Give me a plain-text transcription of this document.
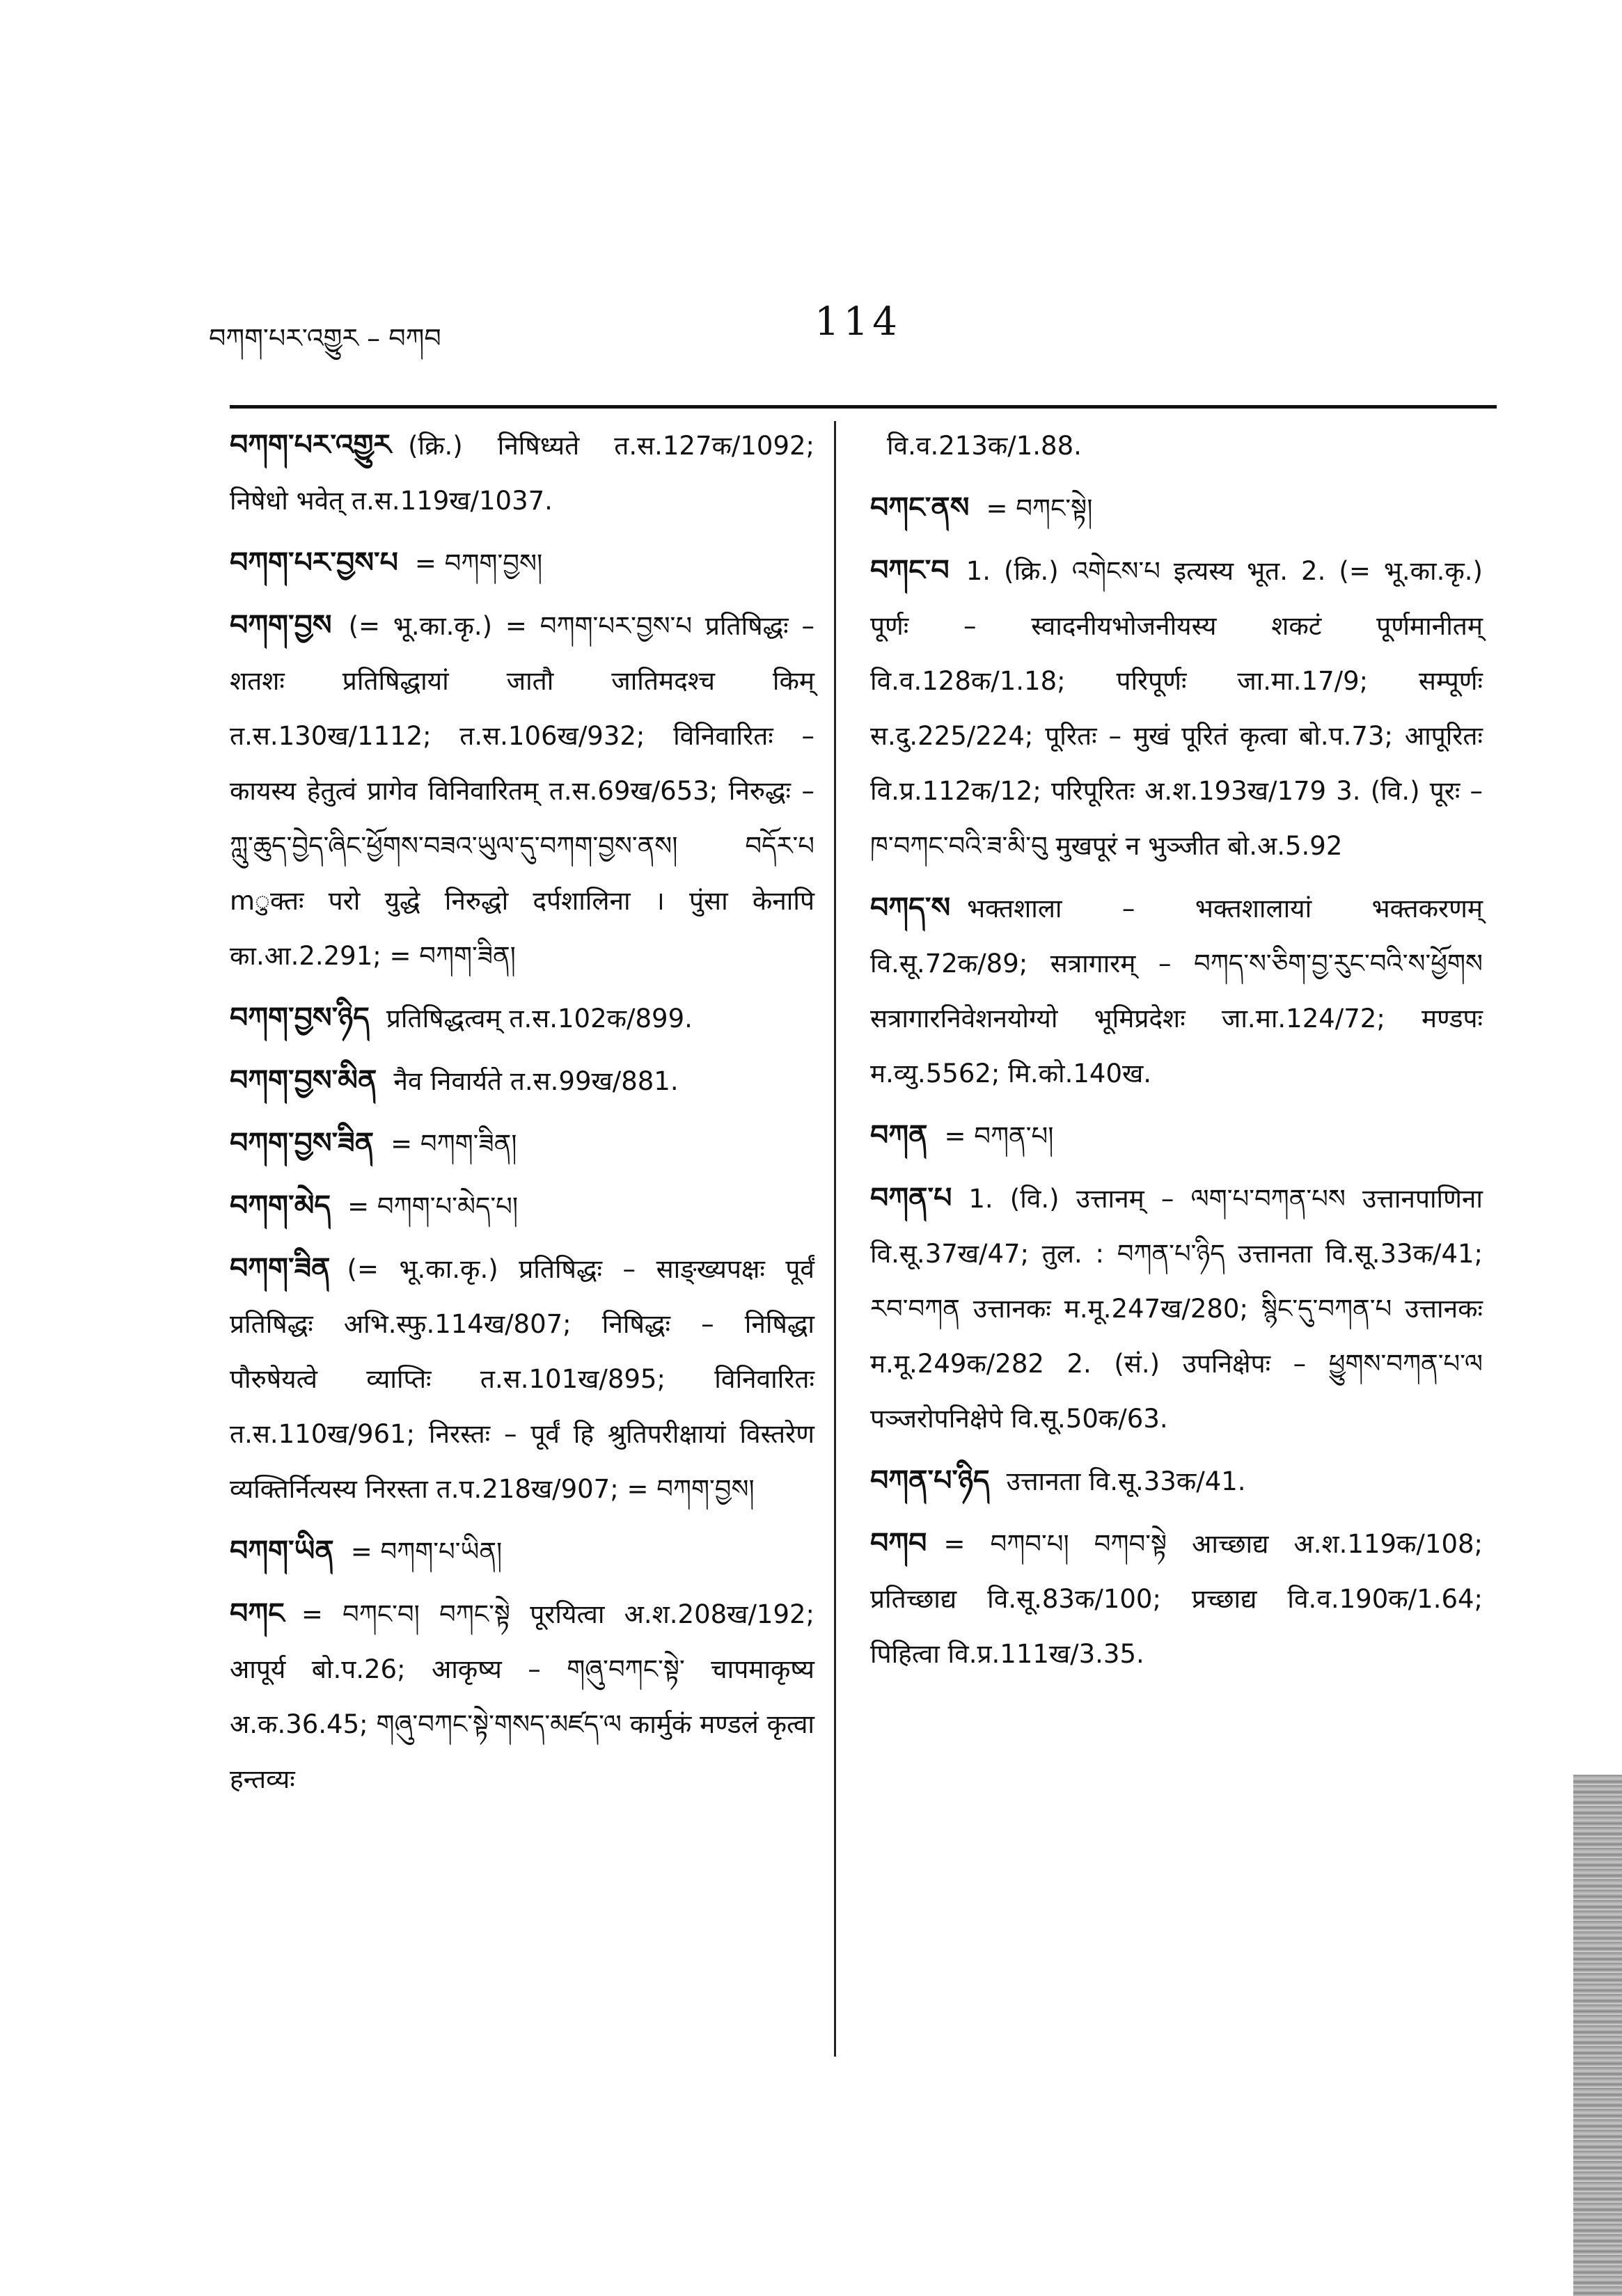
བཀག་པར་འགྱུར – བཀབ	114

བཀག་པར་འགྱུར (क्रि.) निषिध्यते त.स.127क/1092; निषेधो भवेत् त.स.119ख/1037.

བཀག་པར་བྱས་པ = བཀག་བྱས།

བཀག་བྱས (= भू.का.कृ.) = བཀག་པར་བྱས་པ प्रतिषिद्धः – शतशः प्रतिषिद्धायां जातौ जातिमदश्च किम् त.स.130ख/1112; त.स.106ख/932; विनिवारितः – कायस्य हेतुत्वं प्रागेव विनिवारितम् त.स.69ख/653; निरुद्धः – ཀླུ་ཆུད་བྱེད་ཞིང་ཕྱོགས་བཟའ་ཡུལ་དུ་བཀག་བྱས་ནས། བདོར་པ mुक्तः परो युद्धे निरुद्धो दर्पशालिना । पुंसा केनापि का.आ.2.291; = བཀག་ཟིན།

བཀག་བྱས་ཉིད प्रतिषिद्धत्वम् त.स.102क/899.

བཀག་བྱས་མིན नैव निवार्यते त.स.99ख/881.

བཀག་བྱས་ཟིན = བཀག་ཟིན།

བཀག་མེད = བཀག་པ་མེད་པ།

བཀག་ཟིན (= भू.का.कृ.) प्रतिषिद्धः – साङ्ख्यपक्षः पूर्वं प्रतिषिद्धः अभि.स्फु.114ख/807; निषिद्धः – निषिद्धा पौरुषेयत्वे व्याप्तिः त.स.101ख/895; विनिवारितः त.स.110ख/961; निरस्तः – पूर्वं हि श्रुतिपरीक्षायां विस्तरेण व्यक्तिर्नित्यस्य निरस्ता त.प.218ख/907; = བཀག་བྱས།

བཀག་ཡིན = བཀག་པ་ཡིན།

བཀང = བཀང་བ། བཀང་སྟེ पूरयित्वा अ.श.208ख/192; आपूर्य बो.प.26; आकृष्य – གཞུ་བཀང་སྟེ་ चापमाकृष्य अ.क.36.45; གཞུ་བཀང་སྟེ་གསད་མཛད་ལ कार्मुकं मण्डलं कृत्वा हन्तव्यः

वि.व.213क/1.88.

བཀང་ནས = བཀང་སྟེ།

བཀང་བ 1. (क्रि.) འགེངས་པ इत्यस्य भूत. 2. (= भू.का.कृ.) पूर्णः – स्वादनीयभोजनीयस्य शकटं पूर्णमानीतम् वि.व.128क/1.18; परिपूर्णः जा.मा.17/9; सम्पूर्णः स.दु.225/224; पूरितः – मुखं पूरितं कृत्वा बो.प.73; आपूरितः वि.प्र.112क/12; परिपूरितः अ.श.193ख/179 3. (वि.) पूरः – ཁ་བཀང་བའི་ཟ་མི་བུ मुखपूरं न भुञ्जीत बो.अ.5.92

བཀད་ས भक्तशाला – भक्तशालायां भक्तकरणम् वि.सू.72क/89; सत्रागारम् – བཀད་ས་ཅིག་བྱ་རུང་བའི་ས་ཕྱོགས सत्रागारनिवेशनयोग्यो भूमिप्रदेशः जा.मा.124/72; मण्डपः म.व्यु.5562; मि.को.140ख.

བཀན = བཀན་པ།

བཀན་པ 1. (वि.) उत्तानम् – ལག་པ་བཀན་པས उत्तानपाणिना वि.सू.37ख/47; तुल. : བཀན་པ་ཉིད उत्तानता वि.सू.33क/41; རབ་བཀན उत्तानकः म.मू.247ख/280; སྙིང་དུ་བཀན་པ उत्तानकः म.मू.249क/282 2. (सं.) उपनिक्षेपः – ཕྱུགས་བཀན་པ་ལ पञ्जरोपनिक्षेपे वि.सू.50क/63.

བཀན་པ་ཉིད उत्तानता वि.सू.33क/41.

བཀབ = བཀབ་པ། བཀབ་སྟེ आच्छाद्य अ.श.119क/108; प्रतिच्छाद्य वि.सू.83क/100; प्रच्छाद्य वि.व.190क/1.64; पिहित्वा वि.प्र.111ख/3.35.
